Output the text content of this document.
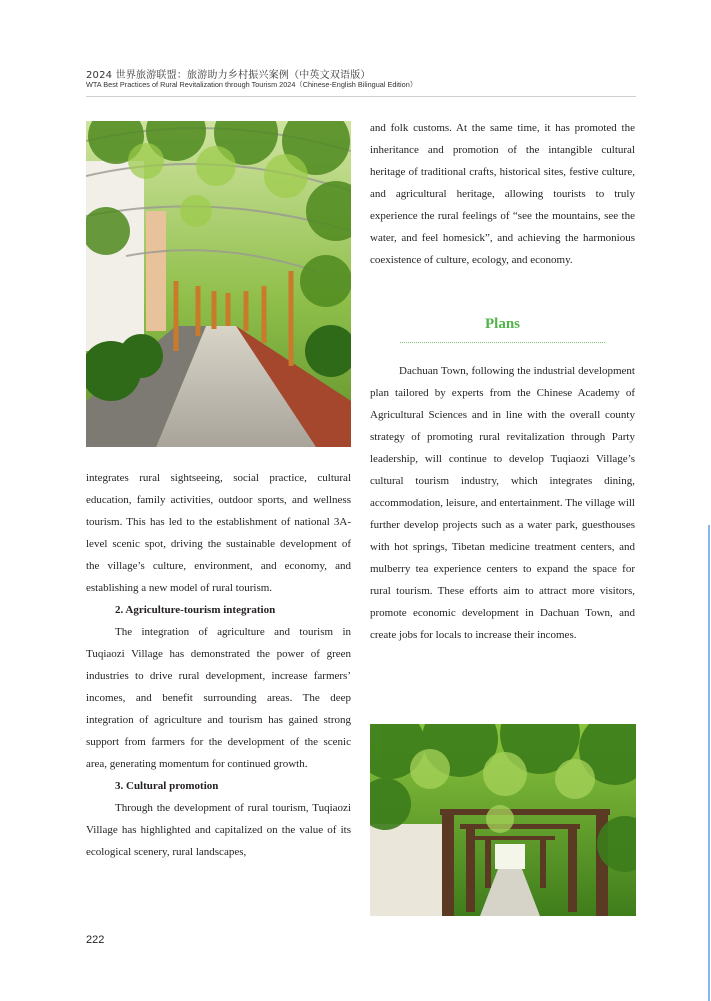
2024 世界旅游联盟：旅游助力乡村振兴案例（中英文双语版）
WTA Best Practices of Rural Revitalization through Tourism 2024（Chinese-English Bilingual Edition）

integrates rural sightseeing, social practice, cultural education, family activities, outdoor sports, and wellness tourism. This has led to the establishment of national 3A-level scenic spot, driving the sustainable development of the village’s culture, environment, and economy, and establishing a new model of rural tourism.

2. Agriculture-tourism integration

The integration of agriculture and tourism in Tuqiaozi Village has demonstrated the power of green industries to drive rural development, increase farmers’ incomes, and benefit surrounding areas. The deep integration of agriculture and tourism has gained strong support from farmers for the development of the scenic area, generating momentum for continued growth.

3. Cultural promotion

Through the development of rural tourism, Tuqiaozi Village has highlighted and capitalized on the value of its ecological scenery, rural landscapes,

and folk customs. At the same time, it has promoted the inheritance and promotion of the intangible cultural heritage of traditional crafts, historical sites, festive culture, and agricultural heritage, allowing tourists to truly experience the rural feelings of “see the mountains, see the water, and feel homesick”, and achieving the harmonious coexistence of culture, ecology, and economy.

Plans

Dachuan Town, following the industrial development plan tailored by experts from the Chinese Academy of Agricultural Sciences and in line with the overall county strategy of promoting rural revitalization through Party leadership, will continue to develop Tuqiaozi Village’s cultural tourism industry, which integrates dining, accommodation, leisure, and entertainment. The village will further develop projects such as a water park, guesthouses with hot springs, Tibetan medicine treatment centers, and mulberry tea experience centers to expand the space for rural tourism. These efforts aim to attract more visitors, promote economic development in Dachuan Town, and create jobs for locals to increase their incomes.

222
